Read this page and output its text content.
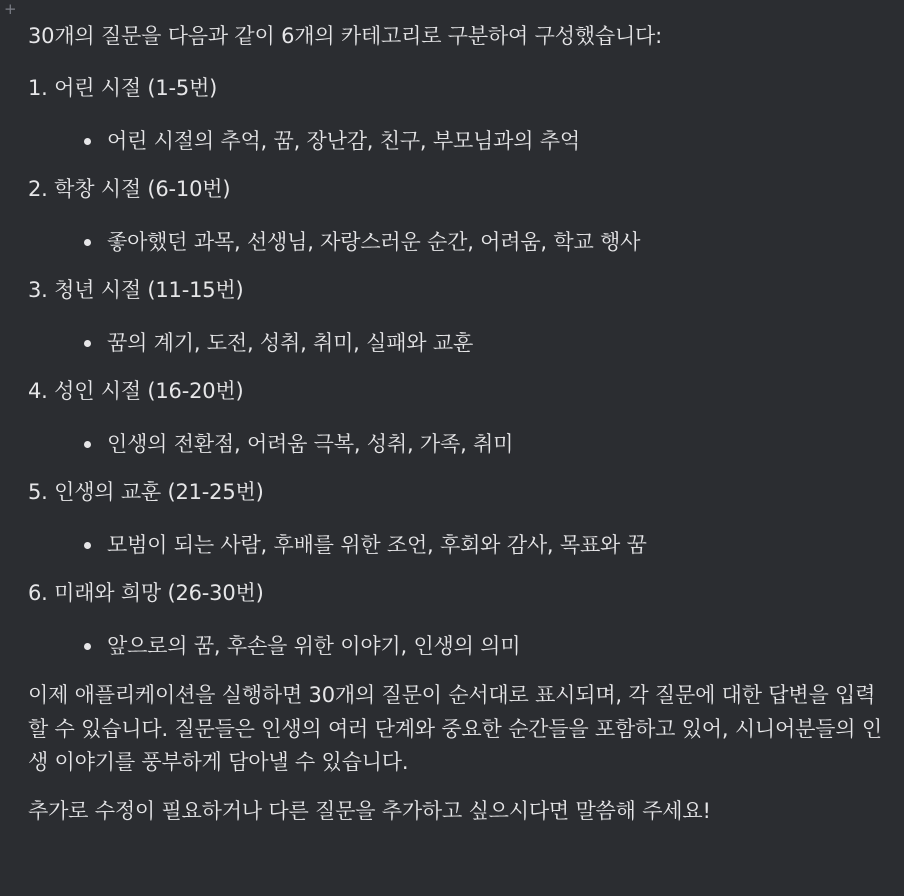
+

30개의 질문을 다음과 같이 6개의 카테고리로 구분하여 구성했습니다:

1. 어린 시절 (1-5번)
어린 시절의 추억, 꿈, 장난감, 친구, 부모님과의 추억
2. 학창 시절 (6-10번)
좋아했던 과목, 선생님, 자랑스러운 순간, 어려움, 학교 행사
3. 청년 시절 (11-15번)
꿈의 계기, 도전, 성취, 취미, 실패와 교훈
4. 성인 시절 (16-20번)
인생의 전환점, 어려움 극복, 성취, 가족, 취미
5. 인생의 교훈 (21-25번)
모범이 되는 사람, 후배를 위한 조언, 후회와 감사, 목표와 꿈
6. 미래와 희망 (26-30번)
앞으로의 꿈, 후손을 위한 이야기, 인생의 의미

이제 애플리케이션을 실행하면 30개의 질문이 순서대로 표시되며, 각 질문에 대한 답변을 입력할 수 있습니다. 질문들은 인생의 여러 단계와 중요한 순간들을 포함하고 있어, 시니어분들의 인생 이야기를 풍부하게 담아낼 수 있습니다.

추가로 수정이 필요하거나 다른 질문을 추가하고 싶으시다면 말씀해 주세요!
